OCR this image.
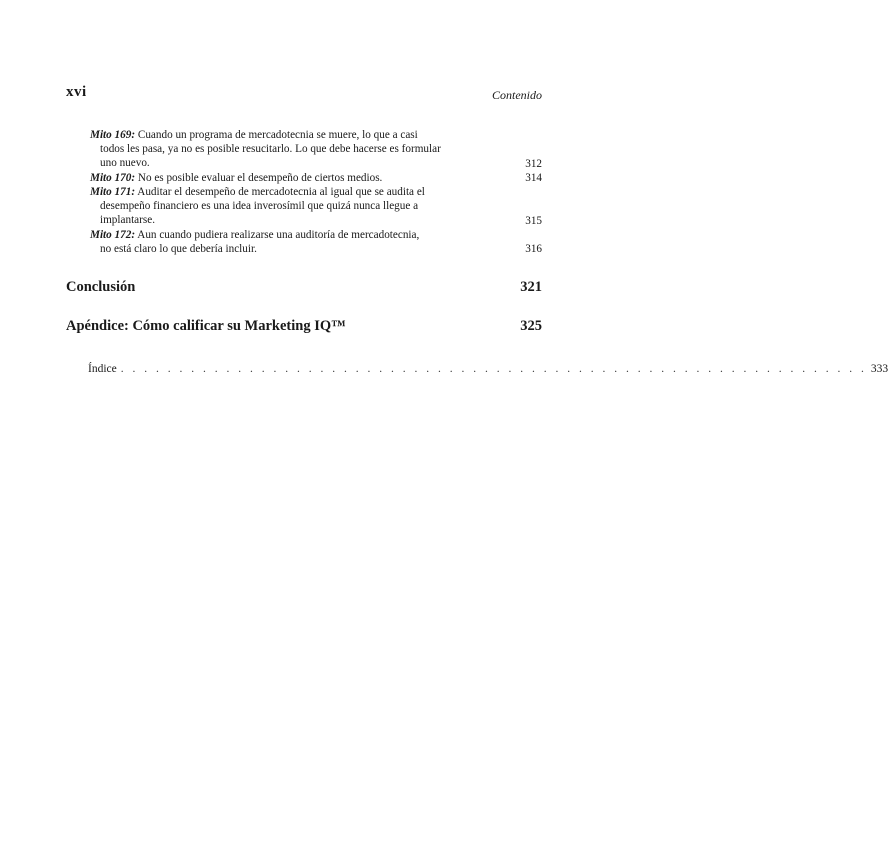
xvi	Contenido
Mito 169: Cuando un programa de mercadotecnia se muere, lo que a casi
todos les pasa, ya no es posible resucitarlo. Lo que debe hacerse es formular
uno nuevo.	312
Mito 170: No es posible evaluar el desempeño de ciertos medios.	314
Mito 171: Auditar el desempeño de mercadotecnia al igual que se audita el
desempeño financiero es una idea inverosímil que quizá nunca llegue a
implantarse.	315
Mito 172: Aun cuando pudiera realizarse una auditoría de mercadotecnia,
no está claro lo que debería incluir.	316
Conclusión	321
Apéndice: Cómo calificar su Marketing IQ™	325
Índice . . . . . . . . . . . . . . . . . . . . . . . . . . . . . . . . . . . . . . . . . . . . . . . . . . . . . . . . . . . . . . . . 333
